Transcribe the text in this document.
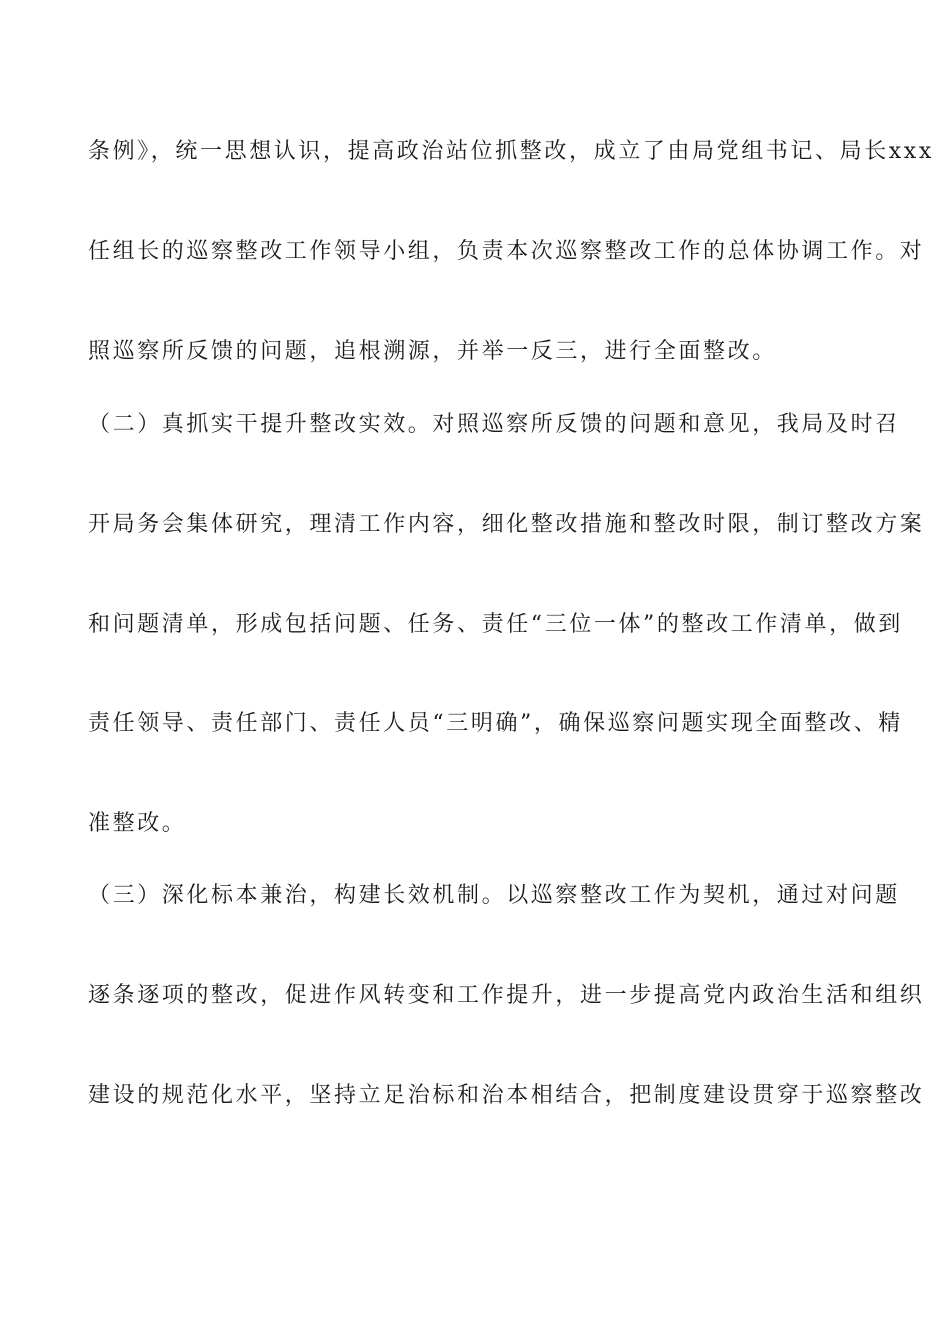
条例》，统一思想认识，提高政治站位抓整改，成立了由局党组书记、局长xxx
任组长的巡察整改工作领导小组，负责本次巡察整改工作的总体协调工作。对
照巡察所反馈的问题，追根溯源，并举一反三，进行全面整改。
（二）真抓实干提升整改实效。对照巡察所反馈的问题和意见，我局及时召
开局务会集体研究，理清工作内容，细化整改措施和整改时限，制订整改方案
和问题清单，形成包括问题、任务、责任“三位一体”的整改工作清单，做到
责任领导、责任部门、责任人员“三明确”，确保巡察问题实现全面整改、精
准整改。
（三）深化标本兼治，构建长效机制。以巡察整改工作为契机，通过对问题
逐条逐项的整改，促进作风转变和工作提升，进一步提高党内政治生活和组织
建设的规范化水平，坚持立足治标和治本相结合，把制度建设贯穿于巡察整改
